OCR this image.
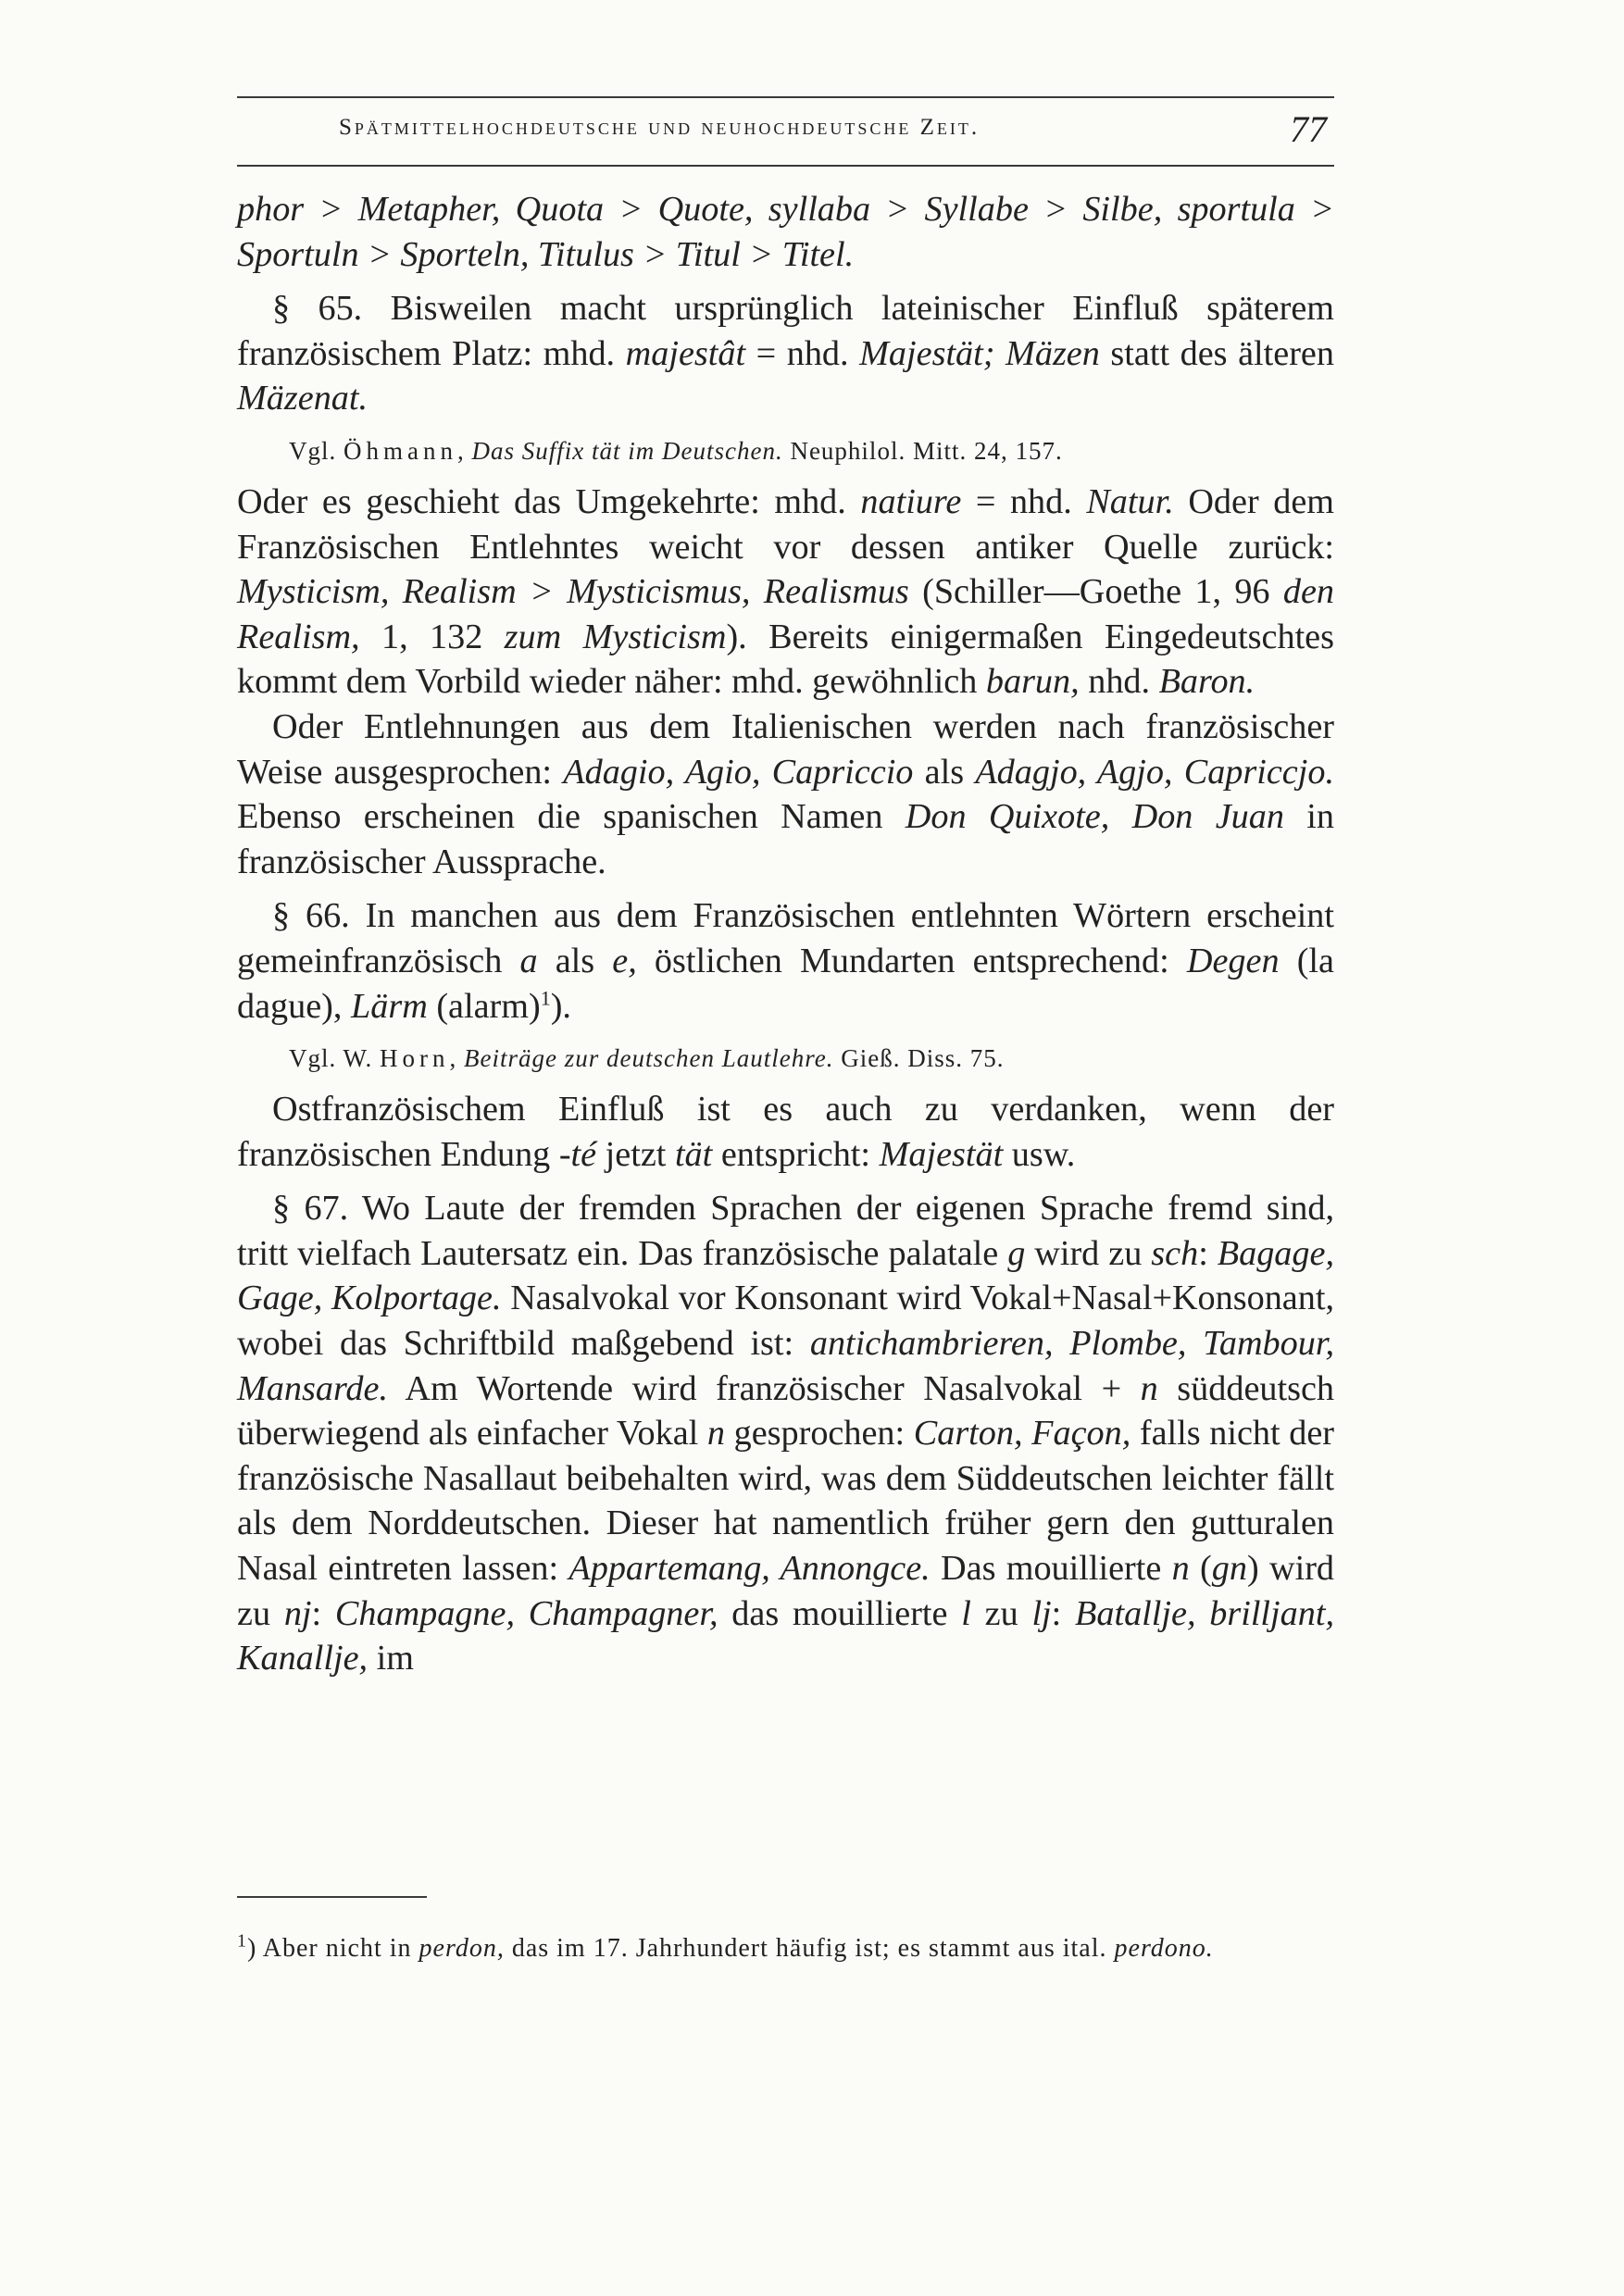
Spätmittelhochdeutsche und neuhochdeutsche Zeit.	77

phor > Metapher, Quota > Quote, syllaba > Syllabe > Silbe, sportula > Sportuln > Sporteln, Titulus > Titul > Titel.

§ 65. Bisweilen macht ursprünglich lateinischer Einfluß späterem französischem Platz: mhd. majestât = nhd. Majestät; Mäzen statt des älteren Mäzenat.

Vgl. Öhmann, Das Suffix tät im Deutschen. Neuphilol. Mitt. 24, 157.

Oder es geschieht das Umgekehrte: mhd. natiure = nhd. Natur. Oder dem Französischen Entlehntes weicht vor dessen antiker Quelle zurück: Mysticism, Realism > Mysticismus, Realismus (Schiller—Goethe 1, 96 den Realism, 1, 132 zum Mysticism). Bereits einigermaßen Eingedeutschtes kommt dem Vorbild wieder näher: mhd. gewöhnlich barun, nhd. Baron.

Oder Entlehnungen aus dem Italienischen werden nach französischer Weise ausgesprochen: Adagio, Agio, Capriccio als Adagjo, Agjo, Capriccjo. Ebenso erscheinen die spanischen Namen Don Quixote, Don Juan in französischer Aussprache.

§ 66. In manchen aus dem Französischen entlehnten Wörtern erscheint gemeinfranzösisch a als e, östlichen Mundarten entsprechend: Degen (la dague), Lärm (alarm)$^1$).

Vgl. W. Horn, Beiträge zur deutschen Lautlehre. Gieß. Diss. 75.

Ostfranzösischem Einfluß ist es auch zu verdanken, wenn der französischen Endung -té jetzt tät entspricht: Majestät usw.

§ 67. Wo Laute der fremden Sprachen der eigenen Sprache fremd sind, tritt vielfach Lautersatz ein. Das französische palatale g wird zu sch: Bagage, Gage, Kolportage. Nasalvokal vor Konsonant wird Vokal+Nasal+Konsonant, wobei das Schriftbild maßgebend ist: antichambrieren, Plombe, Tambour, Mansarde. Am Wortende wird französischer Nasalvokal + n süddeutsch überwiegend als einfacher Vokal n gesprochen: Carton, Façon, falls nicht der französische Nasallaut beibehalten wird, was dem Süddeutschen leichter fällt als dem Norddeutschen. Dieser hat namentlich früher gern den gutturalen Nasal eintreten lassen: Appartemang, Annongce. Das mouillierte n (gn) wird zu nj: Champagne, Champagner, das mouillierte l zu lj: Batallje, brilljant, Kanallje, im

$^1$) Aber nicht in perdon, das im 17. Jahrhundert häufig ist; es stammt aus ital. perdono.
